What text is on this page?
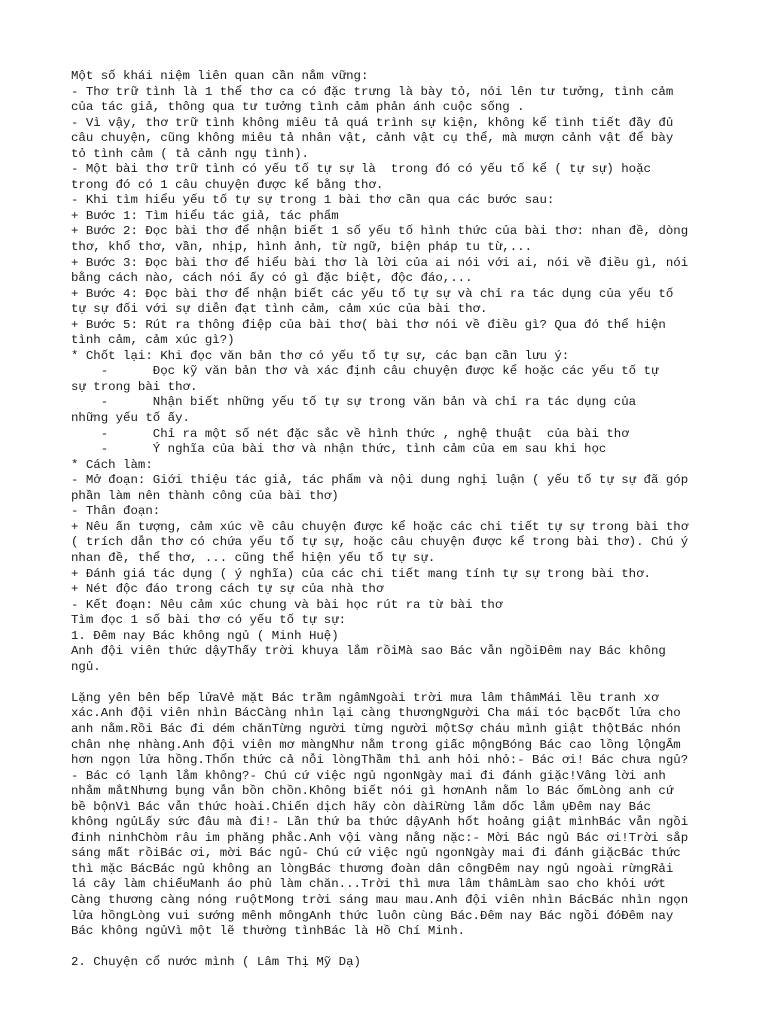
Một số khái niệm liên quan cần nắm vững:
- Thơ trữ tình là 1 thể thơ ca có đặc trưng là bày tỏ, nói lên tư tưởng, tình cảm
của tác giả, thông qua tư tưởng tình cảm phản ánh cuộc sống .
- Vì vậy, thơ trữ tình không miêu tả quá trình sự kiện, không kể tình tiết đầy đủ
câu chuyện, cũng không miêu tả nhân vật, cảnh vật cụ thể, mà mượn cảnh vật để bày
tỏ tình cảm ( tả cảnh ngụ tình).
- Một bài thơ trữ tình có yếu tố tự sự là  trong đó có yếu tố kể ( tự sự) hoặc
trong đó có 1 câu chuyện được kể bằng thơ.
- Khi tìm hiểu yếu tố tự sự trong 1 bài thơ cần qua các bước sau:
+ Bước 1: Tìm hiểu tác giả, tác phẩm
+ Bước 2: Đọc bài thơ để nhận biết 1 số yếu tố hình thức của bài thơ: nhan đề, dòng
thơ, khổ thơ, vần, nhịp, hình ảnh, từ ngữ, biện pháp tu từ,...
+ Bước 3: Đọc bài thơ để hiểu bài thơ là lời của ai nói với ai, nói về điều gì, nói
bằng cách nào, cách nói ấy có gì đặc biệt, độc đáo,...
+ Bước 4: Đọc bài thơ để nhận biết các yếu tố tự sự và chỉ ra tác dụng của yếu tố
tự sự đối với sự diễn đạt tình cảm, cảm xúc của bài thơ.
+ Bước 5: Rút ra thông điệp của bài thơ( bài thơ nói về điều gì? Qua đó thể hiện
tình cảm, cảm xúc gì?)
* Chốt lại: Khi đọc văn bản thơ có yếu tố tự sự, các bạn cần lưu ý:
-      Đọc kỹ văn bản thơ và xác định câu chuyện được kể hoặc các yếu tố tự
sự trong bài thơ.
-      Nhận biết những yếu tố tự sự trong văn bản và chỉ ra tác dụng của
những yếu tố ấy.
-      Chỉ ra một số nét đặc sắc về hình thức , nghệ thuật  của bài thơ
-      Ý nghĩa của bài thơ và nhận thức, tình cảm của em sau khi học
* Cách làm:
- Mở đoạn: Giới thiệu tác giả, tác phẩm và nội dung nghị luận ( yếu tố tự sự đã góp
phần làm nên thành công của bài thơ)
- Thân đoạn:
+ Nêu ấn tượng, cảm xúc về câu chuyện được kể hoặc các chi tiết tự sự trong bài thơ
( trích dẫn thơ có chứa yếu tố tự sự, hoặc câu chuyện được kể trong bài thơ). Chú ý
nhan đề, thể thơ, ... cũng thể hiện yếu tố tự sự.
+ Đánh giá tác dụng ( ý nghĩa) của các chi tiết mang tính tự sự trong bài thơ.
+ Nét độc đáo trong cách tự sự của nhà thơ
- Kết đoạn: Nêu cảm xúc chung và bài học rút ra từ bài thơ
Tìm đọc 1 số bài thơ có yếu tố tự sự:
1. Đêm nay Bác không ngủ ( Minh Huệ)
Anh đội viên thức dậyThấy trời khuya lắm rồiMà sao Bác vẫn ngồiĐêm nay Bác không
ngủ.
Lặng yên bên bếp lửaVẻ mặt Bác trầm ngâmNgoài trời mưa lâm thâmMái lều tranh xơ
xác.Anh đội viên nhìn BácCàng nhìn lại càng thươngNgười Cha mái tóc bạcĐốt lửa cho
anh nằm.Rồi Bác đi dém chănTừng người từng người mộtSợ cháu mình giật thộtBác nhón
chân nhẹ nhàng.Anh đội viên mơ màngNhư nằm trong giấc mộngBóng Bác cao lồng lộngẤm
hơn ngọn lửa hồng.Thổn thức cả nỗi lòngThầm thì anh hỏi nhỏ:- Bác ơi! Bác chưa ngủ?
- Bác có lạnh lắm không?- Chú cứ việc ngủ ngonNgày mai đi đánh giặc!Vâng lời anh
nhắm mắtNhưng bụng vẫn bồn chồn.Không biết nói gì hơnAnh nằm lo Bác ốmLòng anh cứ
bề bộnVì Bác vẫn thức hoài.Chiến dịch hãy còn dàiRừng lắm dốc lắm ụĐêm nay Bác
không ngủLấy sức đâu mà đi!- Lần thứ ba thức dậyAnh hốt hoảng giật mìnhBác vẫn ngồi
đinh ninhChòm râu im phăng phắc.Anh vội vàng nằng nặc:- Mời Bác ngủ Bác ơi!Trời sắp
sáng mất rồiBác ơi, mời Bác ngủ- Chú cứ việc ngủ ngonNgày mai đi đánh giặcBác thức
thì mặc BácBác ngủ không an lòngBác thương đoàn dân côngĐêm nay ngủ ngoài rừngRải
lá cây làm chiếuManh áo phủ làm chăn...Trời thì mưa lâm thâmLàm sao cho khỏi ướt
Càng thương càng nóng ruộtMong trời sáng mau mau.Anh đội viên nhìn BácBác nhìn ngọn
lửa hồngLòng vui sướng mênh môngAnh thức luôn cùng Bác.Đêm nay Bác ngồi đóĐêm nay
Bác không ngủVì một lẽ thường tìnhBác là Hồ Chí Minh.
2. Chuyện cổ nước mình ( Lâm Thị Mỹ Dạ)
